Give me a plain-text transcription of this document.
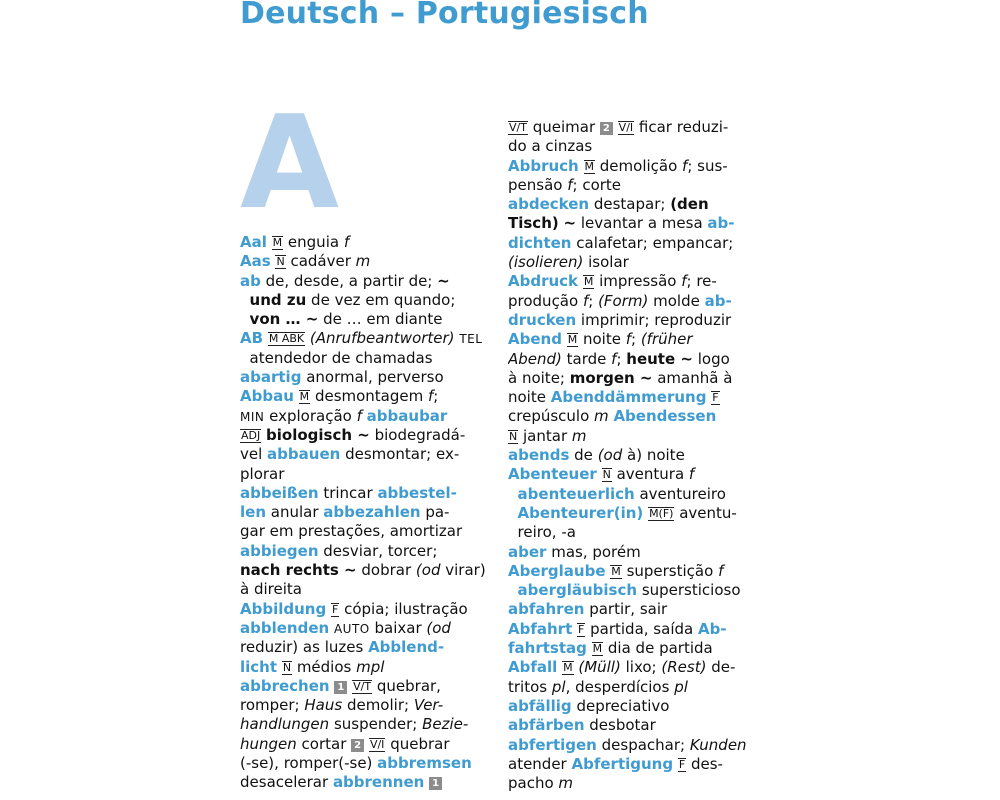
Deutsch – Portugiesisch
A
Aal M enguia f
Aas N cadáver m
ab de, desde, a partir de; ~
und zu de vez em quando;
von … ~ de … em diante
AB M ABK (Anrufbeantworter) TEL
atendedor de chamadas
abartig anormal, perverso
Abbau M desmontagem f;
MIN exploração f abbaubar
ADJ biologisch ~ biodegradá-
vel abbauen desmontar; ex-
plorar
abbeißen trincar abbestel-
len anular abbezahlen pa-
gar em prestações, amortizar
abbiegen desviar, torcer;
nach rechts ~ dobrar (od virar)
à direita
Abbildung F cópia; ilustração
abblenden AUTO baixar (od
reduzir) as luzes Abblend-
licht N médios mpl
abbrechen 1 V/T quebrar,
romper; Haus demolir; Ver-
handlungen suspender; Bezie-
hungen cortar 2 V/I quebrar
(-se), romper(-se) abbremsen
desacelerar abbrennen 1
V/T queimar 2 V/I ficar reduzi-
do a cinzas
Abbruch M demolição f; sus-
pensão f; corte
abdecken destapar; (den
Tisch) ~ levantar a mesa ab-
dichten calafetar; empancar;
(isolieren) isolar
Abdruck M impressão f; re-
produção f; (Form) molde ab-
drucken imprimir; reproduzir
Abend M noite f; (früher
Abend) tarde f; heute ~ logo
à noite; morgen ~ amanhã à
noite Abenddämmerung F
crepúsculo m Abendessen
N jantar m
abends de (od à) noite
Abenteuer N aventura f
abenteuerlich aventureiro
Abenteurer(in) M(F) aventu-
reiro, -a
aber mas, porém
Aberglaube M superstição f
abergläubisch supersticioso
abfahren partir, sair
Abfahrt F partida, saída Ab-
fahrtstag M dia de partida
Abfall M (Müll) lixo; (Rest) de-
tritos pl, desperdícios pl
abfällig depreciativo
abfärben desbotar
abfertigen despachar; Kunden
atender Abfertigung F des-
pacho m
